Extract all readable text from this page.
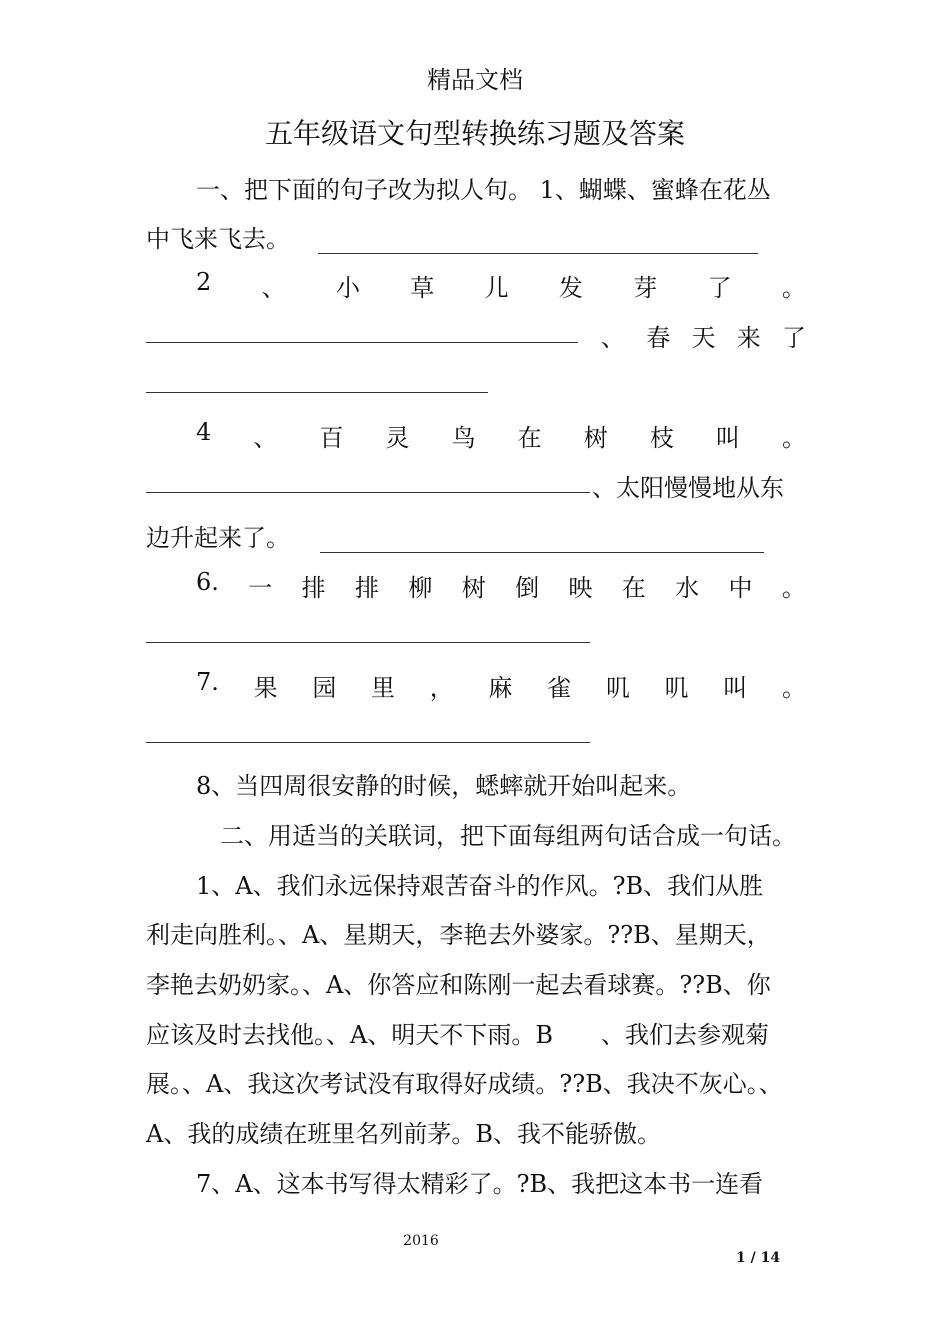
精品文档
五年级语文句型转换练习题及答案
一、把下面的句子改为拟人句。 1、蝴蝶、蜜蜂在花丛
中飞来飞去。
2 、 小 草 儿 发 芽 了 。
、 春 天 来 了
4 、 百 灵 鸟 在 树 枝 叫 。
、太阳慢慢地从东
边升起来了。
6. 一 排 排 柳 树 倒 映 在 水 中 。
7. 果 园 里 ， 麻 雀 叽 叽 叫 。
8、当四周很安静的时候，蟋蟀就开始叫起来。
二、用适当的关联词，把下面每组两句话合成一句话。
1、A、我们永远保持艰苦奋斗的作风。?B、我们从胜
利走向胜利。、A、星期天，李艳去外婆家。??B、星期天，
李艳去奶奶家。、A、你答应和陈刚一起去看球赛。??B、你
应该及时去找他。、A、明天不下雨。B　　、我们去参观菊
展。、A、我这次考试没有取得好成绩。??B、我决不灰心。、
A、我的成绩在班里名列前茅。B、我不能骄傲。
7、A、这本书写得太精彩了。?B、我把这本书一连看
2016
1 / 14
